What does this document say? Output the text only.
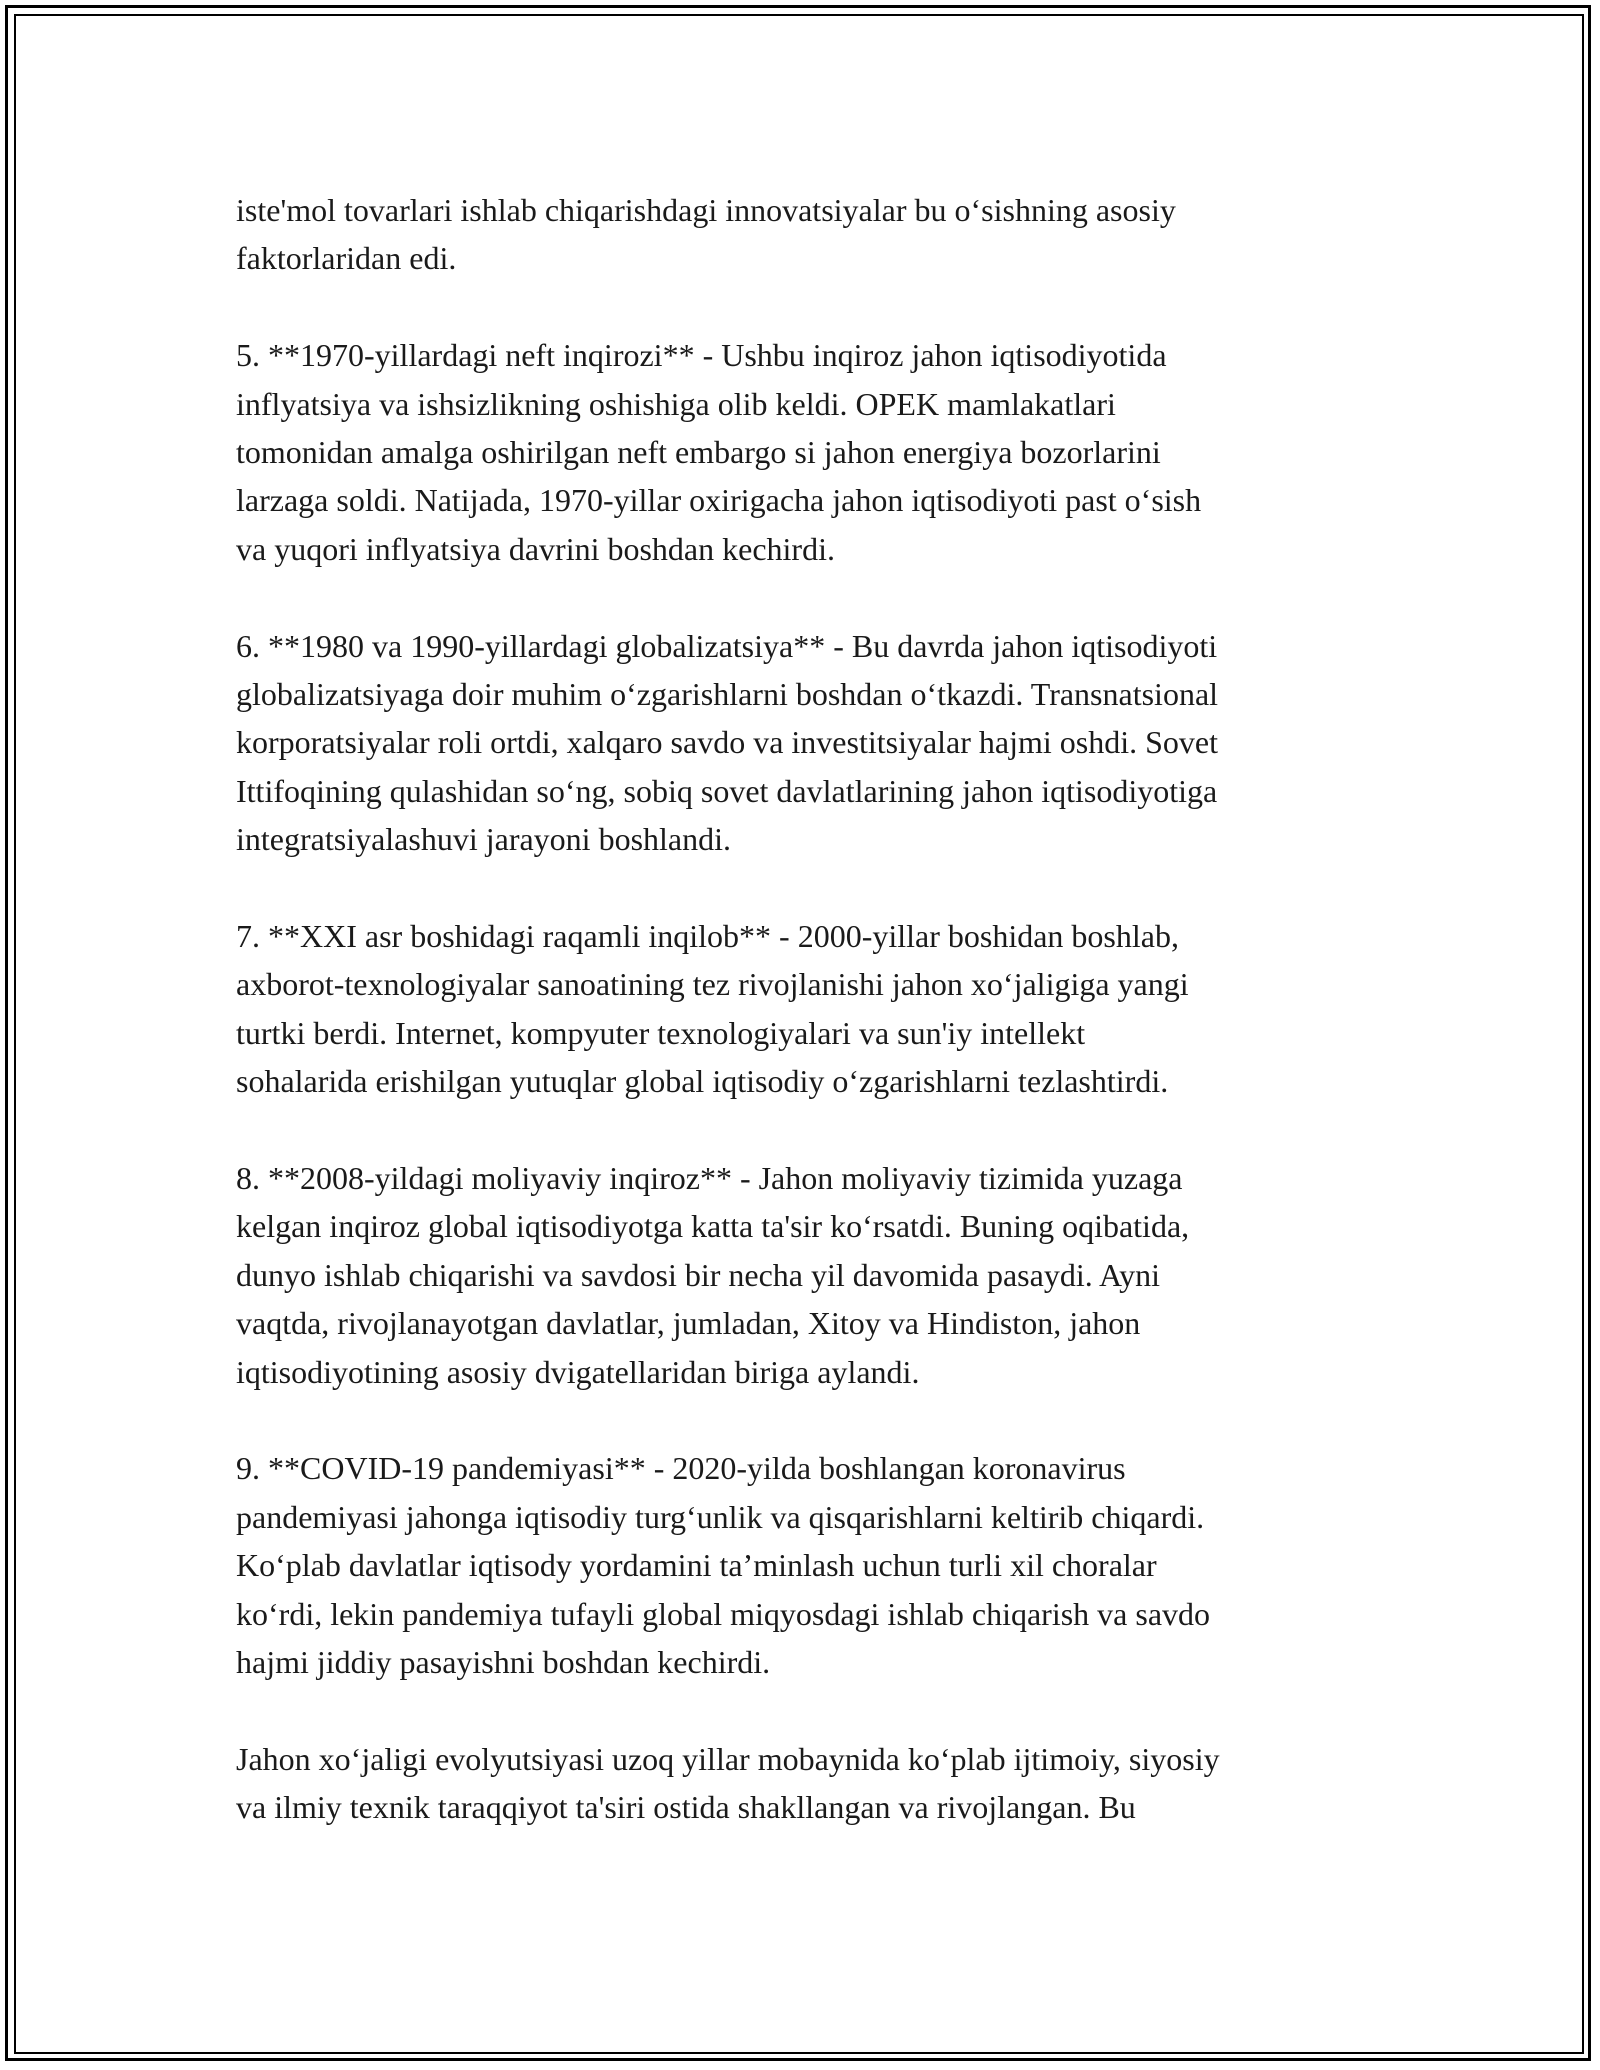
iste'mol tovarlari ishlab chiqarishdagi innovatsiyalar bu o‘sishning asosiy
faktorlaridan edi.

5. **1970-yillardagi neft inqirozi** - Ushbu inqiroz jahon iqtisodiyotida
inflyatsiya va ishsizlikning oshishiga olib keldi. OPEK mamlakatlari
tomonidan amalga oshirilgan neft embargo si jahon energiya bozorlarini
larzaga soldi. Natijada, 1970-yillar oxirigacha jahon iqtisodiyoti past o‘sish
va yuqori inflyatsiya davrini boshdan kechirdi.

6. **1980 va 1990-yillardagi globalizatsiya** - Bu davrda jahon iqtisodiyoti
globalizatsiyaga doir muhim o‘zgarishlarni boshdan o‘tkazdi. Transnatsional
korporatsiyalar roli ortdi, xalqaro savdo va investitsiyalar hajmi oshdi. Sovet
Ittifoqining qulashidan so‘ng, sobiq sovet davlatlarining jahon iqtisodiyotiga
integratsiyalashuvi jarayoni boshlandi.

7. **XXI asr boshidagi raqamli inqilob** - 2000-yillar boshidan boshlab,
axborot-texnologiyalar sanoatining tez rivojlanishi jahon xo‘jaligiga yangi
turtki berdi. Internet, kompyuter texnologiyalari va sun'iy intellekt
sohalarida erishilgan yutuqlar global iqtisodiy o‘zgarishlarni tezlashtirdi.

8. **2008-yildagi moliyaviy inqiroz** - Jahon moliyaviy tizimida yuzaga
kelgan inqiroz global iqtisodiyotga katta ta'sir ko‘rsatdi. Buning oqibatida,
dunyo ishlab chiqarishi va savdosi bir necha yil davomida pasaydi. Ayni
vaqtda, rivojlanayotgan davlatlar, jumladan, Xitoy va Hindiston, jahon
iqtisodiyotining asosiy dvigatellaridan biriga aylandi.

9. **COVID-19 pandemiyasi** - 2020-yilda boshlangan koronavirus
pandemiyasi jahonga iqtisodiy turg‘unlik va qisqarishlarni keltirib chiqardi.
Ko‘plab davlatlar iqtisody yordamini ta’minlash uchun turli xil choralar
ko‘rdi, lekin pandemiya tufayli global miqyosdagi ishlab chiqarish va savdo
hajmi jiddiy pasayishni boshdan kechirdi.

Jahon xo‘jaligi evolyutsiyasi uzoq yillar mobaynida ko‘plab ijtimoiy, siyosiy
va ilmiy texnik taraqqiyot ta'siri ostida shakllangan va rivojlangan. Bu
